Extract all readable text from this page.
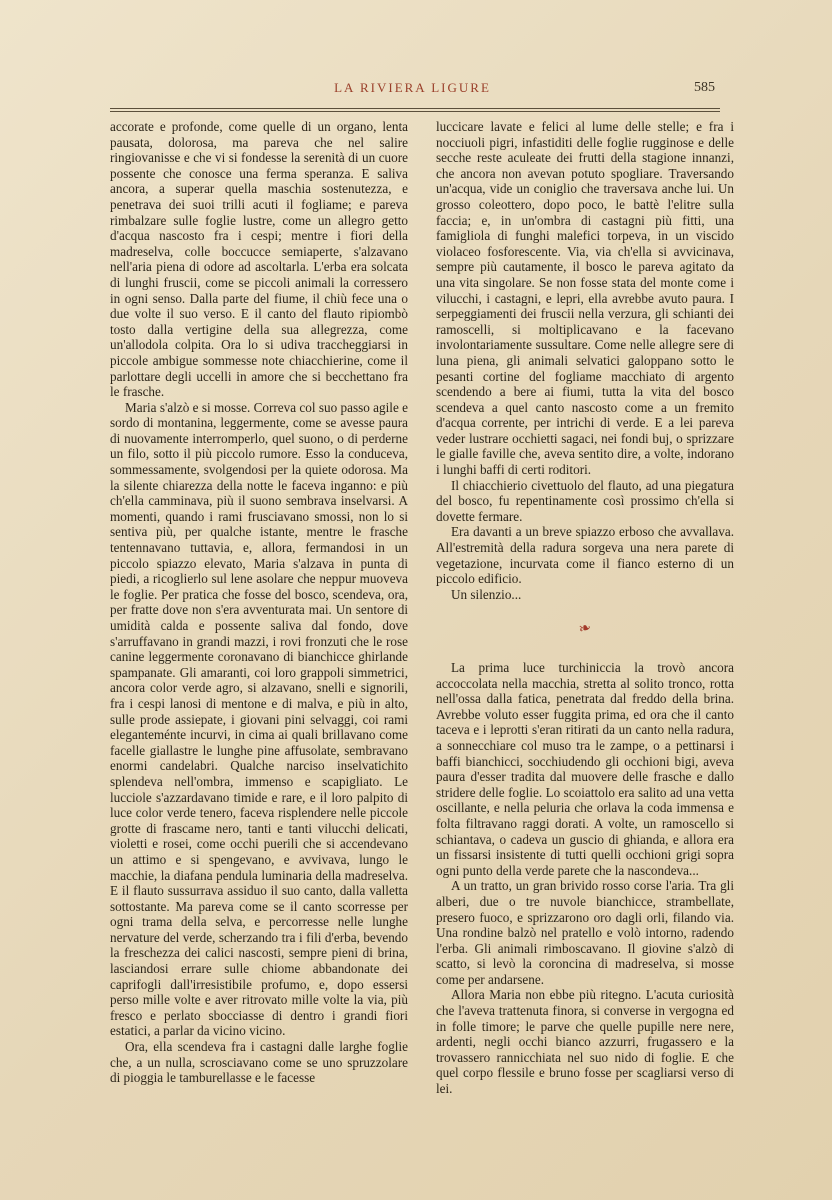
LA RIVIERA LIGURE	585

accorate e profonde, come quelle di un organo, lenta pausata, dolorosa, ma pareva che nel salire ringiovanisse e che vi si fondesse la serenità di un cuore possente che conosce una ferma speranza. E saliva ancora, a superar quella maschia sostenutezza, e penetrava dei suoi trilli acuti il fogliame; e pareva rimbalzare sulle foglie lustre, come un allegro getto d'acqua nascosto fra i cespi; mentre i fiori della madreselva, colle boccucce semiaperte, s'alzavano nell'aria piena di odore ad ascoltarla. L'erba era solcata di lunghi fruscii, come se piccoli animali la corressero in ogni senso. Dalla parte del fiume, il chiù fece una o due volte il suo verso. E il canto del flauto ripiombò tosto dalla vertigine della sua allegrezza, come un'allodola colpita. Ora lo si udiva traccheggiarsi in piccole ambigue sommesse note chiacchierine, come il parlottare degli uccelli in amore che si becchettano fra le frasche.

Maria s'alzò e si mosse. Correva col suo passo agile e sordo di montanina, leggermente, come se avesse paura di nuovamente interromperlo, quel suono, o di perderne un filo, sotto il più piccolo rumore. Esso la conduceva, sommessamente, svolgendosi per la quiete odorosa. Ma la silente chiarezza della notte le faceva inganno: e più ch'ella camminava, più il suono sembrava inselvarsi. A momenti, quando i rami frusciavano smossi, non lo si sentiva più, per qualche istante, mentre le frasche tentennavano tuttavia, e, allora, fermandosi in un piccolo spiazzo elevato, Maria s'alzava in punta di piedi, a ricoglierlo sul lene asolare che neppur muoveva le foglie. Per pratica che fosse del bosco, scendeva, ora, per fratte dove non s'era avventurata mai. Un sentore di umidità calda e possente saliva dal fondo, dove s'arruffavano in grandi mazzi, i rovi fronzuti che le rose canine leggermente coronavano di bianchicce ghirlande spampanate. Gli amaranti, coi loro grappoli simmetrici, ancora color verde agro, si alzavano, snelli e signorili, fra i cespi lanosi di mentone e di malva, e più in alto, sulle prode assiepate, i giovani pini selvaggi, coi rami eleganteménte incurvi, in cima ai quali brillavano come facelle giallastre le lunghe pine affusolate, sembravano enormi candelabri. Qualche narciso inselvatichito splendeva nell'ombra, immenso e scapigliato. Le lucciole s'azzardavano timide e rare, e il loro palpito di luce color verde tenero, faceva risplendere nelle piccole grotte di frascame nero, tanti e tanti vilucchi delicati, violetti e rosei, come occhi puerili che si accendevano un attimo e si spengevano, e avvivava, lungo le macchie, la diafana pendula luminaria della madreselva. E il flauto sussurrava assiduo il suo canto, dalla valletta sottostante. Ma pareva come se il canto scorresse per ogni trama della selva, e percorresse nelle lunghe nervature del verde, scherzando tra i fili d'erba, bevendo la freschezza dei calici nascosti, sempre pieni di brina, lasciandosi errare sulle chiome abbandonate dei caprifogli dall'irresistibile profumo, e, dopo essersi perso mille volte e aver ritrovato mille volte la via, più fresco e perlato sbocciasse di dentro i grandi fiori estatici, a parlar da vicino vicino.

Ora, ella scendeva fra i castagni dalle larghe foglie che, a un nulla, scrosciavano come se uno spruzzolare di pioggia le tamburellasse e le facesse

luccicare lavate e felici al lume delle stelle; e fra i nocciuoli pigri, infastiditi delle foglie rugginose e delle secche reste aculeate dei frutti della stagione innanzi, che ancora non avevan potuto spogliare. Traversando un'acqua, vide un coniglio che traversava anche lui. Un grosso coleottero, dopo poco, le battè l'elitre sulla faccia; e, in un'ombra di castagni più fitti, una famigliola di funghi malefici torpeva, in un viscido violaceo fosforescente. Via, via ch'ella si avvicinava, sempre più cautamente, il bosco le pareva agitato da una vita singolare. Se non fosse stata del monte come i vilucchi, i castagni, e lepri, ella avrebbe avuto paura. I serpeggiamenti dei fruscii nella verzura, gli schianti dei ramoscelli, si moltiplicavano e la facevano involontariamente sussultare. Come nelle allegre sere di luna piena, gli animali selvatici galoppano sotto le pesanti cortine del fogliame macchiato di argento scendendo a bere ai fiumi, tutta la vita del bosco scendeva a quel canto nascosto come a un fremito d'acqua corrente, per intrichi di verde. E a lei pareva veder lustrare occhietti sagaci, nei fondi buj, o sprizzare le gialle faville che, aveva sentito dire, a volte, indorano i lunghi baffi di certi roditori.

Il chiacchierio civettuolo del flauto, ad una piegatura del bosco, fu repentinamente così prossimo ch'ella si dovette fermare.

Era davanti a un breve spiazzo erboso che avvallava. All'estremità della radura sorgeva una nera parete di vegetazione, incurvata come il fianco esterno di un piccolo edificio.

Un silenzio...

❧

La prima luce turchiniccia la trovò ancora accoccolata nella macchia, stretta al solito tronco, rotta nell'ossa dalla fatica, penetrata dal freddo della brina. Avrebbe voluto esser fuggita prima, ed ora che il canto taceva e i leprotti s'eran ritirati da un canto nella radura, a sonnecchiare col muso tra le zampe, o a pettinarsi i baffi bianchicci, socchiudendo gli occhioni bigi, aveva paura d'esser tradita dal muovere delle frasche e dallo stridere delle foglie. Lo scoiattolo era salito ad una vetta oscillante, e nella peluria che orlava la coda immensa e folta filtravano raggi dorati. A volte, un ramoscello si schiantava, o cadeva un guscio di ghianda, e allora era un fissarsi insistente di tutti quelli occhioni grigi sopra ogni punto della verde parete che la nascondeva...

A un tratto, un gran brivido rosso corse l'aria. Tra gli alberi, due o tre nuvole bianchicce, strambellate, presero fuoco, e sprizzarono oro dagli orli, filando via. Una rondine balzò nel pratello e volò intorno, radendo l'erba. Gli animali rimboscavano. Il giovine s'alzò di scatto, si levò la coroncina di madreselva, si mosse come per andarsene.

Allora Maria non ebbe più ritegno. L'acuta curiosità che l'aveva trattenuta finora, si converse in vergogna ed in folle timore; le parve che quelle pupille nere nere, ardenti, negli occhi bianco azzurri, frugassero e la trovassero rannicchiata nel suo nido di foglie. E che quel corpo flessile e bruno fosse per scagliarsi verso di lei.
